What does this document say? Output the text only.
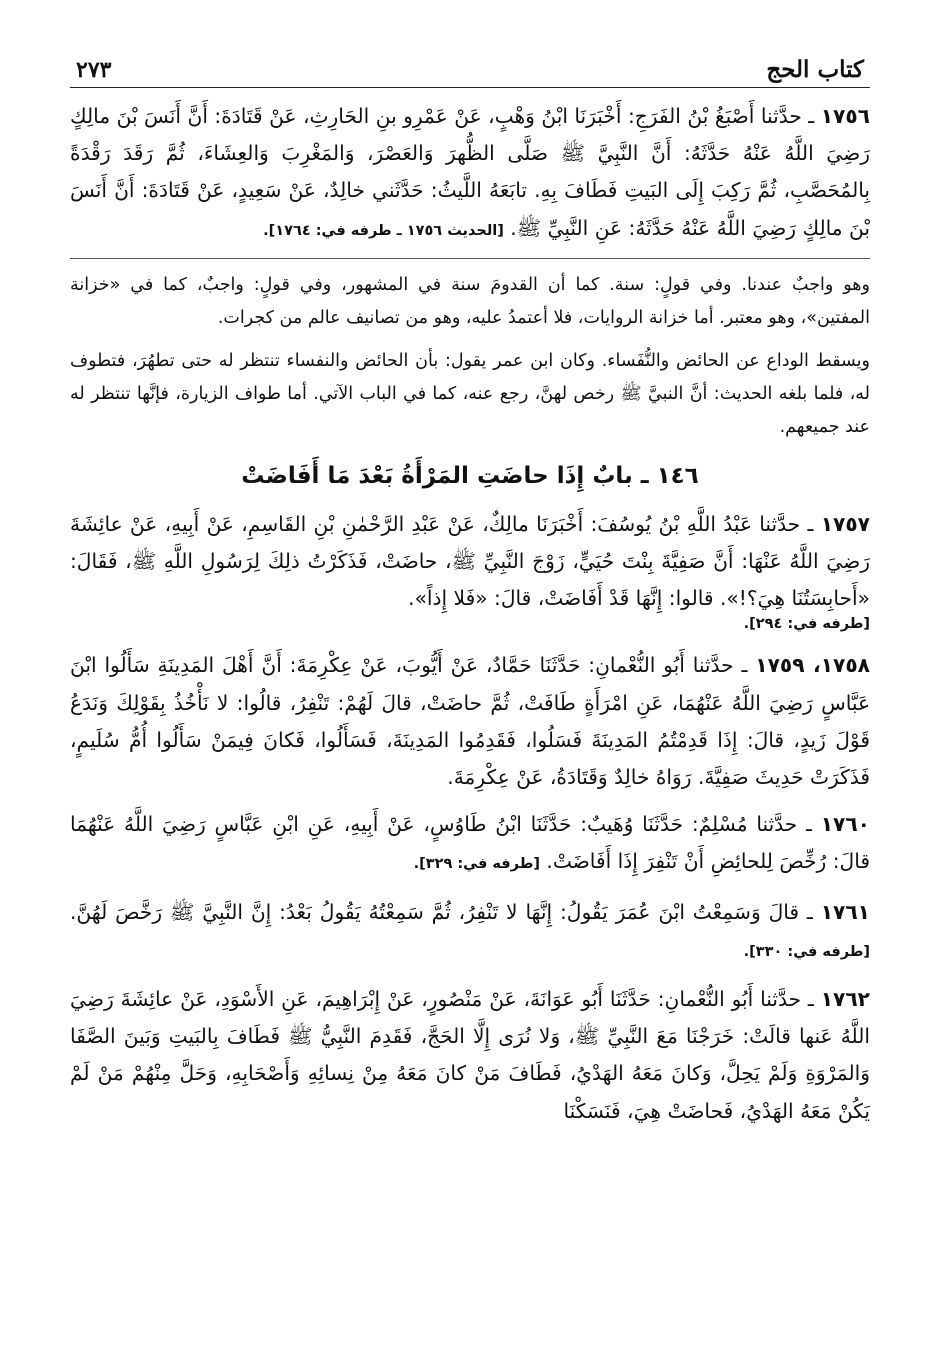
كتاب الحج
٢٧٣

١٧٥٦ ـ حدَّثنا أَصْبَغُ بْنُ الفَرَجِ: أَخْبَرَنَا ابْنُ وَهْبٍ، عَنْ عَمْرِو بنِ الحَارِثِ، عَنْ قَتَادَةَ: أَنَّ أَنَسَ بْنَ مالِكٍ رَضِيَ اللَّهُ عَنْهُ حَدَّثَهُ: أَنَّ النَّبِيَّ ﷺ صَلَّى الظُّهرَ وَالعَصْرَ، وَالمَغْرِبَ وَالعِشَاءَ، ثُمَّ رَقَدَ رَقْدَةً بِالمُحَصَّبِ، ثُمَّ رَكِبَ إِلَى البَيتِ فَطَافَ بِهِ. تابَعَهُ اللَّيثُ: حَدَّثَني خالِدٌ، عَنْ سَعِيدٍ، عَنْ قَتَادَةَ: أَنَّ أَنَسَ بْنَ مالِكٍ رَضِيَ اللَّهُ عَنْهُ حَدَّثَهُ: عَنِ النَّبِيِّ ﷺ. [الحديث ١٧٥٦ ـ طرفه في: ١٧٦٤].

وهو واجبٌ عندنا. وفي قولٍ: سنة. كما أن القدومَ سنة في المشهور، وفي قولٍ: واجبٌ، كما في «خزانة المفتين»، وهو معتبر. أما خزانة الروايات، فلا أعتمدُ عليه، وهو من تصانيف عالم من كجرات.

ويسقط الوداع عن الحائض والنُّفَساء. وكان ابن عمر يقول: بأن الحائض والنفساء تنتظر له حتى تطهُرَ، فتطوف له، فلما بلغه الحديث: أنَّ النبيَّ ﷺ رخص لهنَّ، رجع عنه، كما في الباب الآتي. أما طواف الزيارة، فإنَّها تنتظر له عند جميعهم.

١٤٦ ـ بابٌ إِذَا حاضَتِ المَرْأَةُ بَعْدَ مَا أَفَاضَتْ

١٧٥٧ ـ حدَّثنا عَبْدُ اللَّهِ بْنُ يُوسُفَ: أَخْبَرَنَا مالِكٌ، عَنْ عَبْدِ الرَّحْمٰنِ بْنِ القَاسِمِ، عَنْ أَبِيهِ، عَنْ عائِشَةَ رَضِيَ اللَّهُ عَنْهَا: أَنَّ صَفِيَّةَ بِنْتَ حُيَيٍّ، زَوْجَ النَّبِيِّ ﷺ، حاضَتْ، فَذَكَرْتُ ذلِكَ لِرَسُولِ اللَّهِ ﷺ، فَقَالَ: «أَحابِسَتُنَا هِيَ؟!». قالوا: إِنَّهَا قَدْ أَفَاضَتْ، قالَ: «فَلا إِذاً».

[طرفه في: ٢٩٤].

١٧٥٨، ١٧٥٩ ـ حدَّثنا أَبُو النُّعْمانِ: حَدَّثَنَا حَمَّادٌ، عَنْ أَيُّوبَ، عَنْ عِكْرِمَةَ: أَنَّ أَهْلَ المَدِينَةِ سَأَلُوا ابْنَ عَبَّاسٍ رَضِيَ اللَّهُ عَنْهُمَا، عَنِ امْرَأَةٍ طَافَتْ، ثُمَّ حاضَتْ، قالَ لَهُمْ: تَنْفِرُ، قالُوا: لا نَأْخُذُ بِقَوْلِكَ وَنَدَعُ قَوْلَ زَيدٍ، قالَ: إِذَا قَدِمْتُمُ المَدِينَةَ فَسَلُوا، فَقَدِمُوا المَدِينَةَ، فَسَأَلُوا، فَكانَ فِيمَنْ سَأَلُوا أُمُّ سُلَيمٍ، فَذَكَرَتْ حَدِيثَ صَفِيَّةَ. رَوَاهُ خالِدٌ وَقَتَادَةُ، عَنْ عِكْرِمَةَ.

١٧٦٠ ـ حدَّثنا مُسْلِمٌ: حَدَّثَنَا وُهَيبٌ: حَدَّثَنَا ابْنُ طَاوُسٍ، عَنْ أَبِيهِ، عَنِ ابْنِ عَبَّاسٍ رَضِيَ اللَّهُ عَنْهُمَا قالَ: رُخِّصَ لِلحائِضِ أَنْ تَنْفِرَ إِذَا أَفَاضَتْ. [طرفه في: ٣٢٩].

١٧٦١ ـ قالَ وَسَمِعْتُ ابْنَ عُمَرَ يَقُولُ: إِنَّهَا لا تَنْفِرُ، ثُمَّ سَمِعْتُهُ يَقُولُ بَعْدُ: إِنَّ النَّبِيَّ ﷺ رَخَّصَ لَهُنَّ. [طرفه في: ٣٣٠].

١٧٦٢ ـ حدَّثنا أَبُو النُّعْمانِ: حَدَّثَنَا أَبُو عَوَانَةَ، عَنْ مَنْصُورٍ، عَنْ إِبْرَاهِيمَ، عَنِ الأَسْوَدِ، عَنْ عائِشَةَ رَضِيَ اللَّهُ عَنها قالَتْ: خَرَجْنَا مَعَ النَّبِيِّ ﷺ، وَلا نُرَى إِلَّا الحَجَّ، فَقَدِمَ النَّبِيُّ ﷺ فَطَافَ بِالبَيتِ وَبَينَ الصَّفَا وَالمَرْوَةِ وَلَمْ يَحِلَّ، وَكانَ مَعَهُ الهَدْيُ، فَطَافَ مَنْ كانَ مَعَهُ مِنْ نِسائِهِ وَأَصْحَابِهِ، وَحَلَّ مِنْهُمْ مَنْ لَمْ يَكُنْ مَعَهُ الهَدْيُ، فَحاضَتْ هِيَ، فَنَسَكْنَا
